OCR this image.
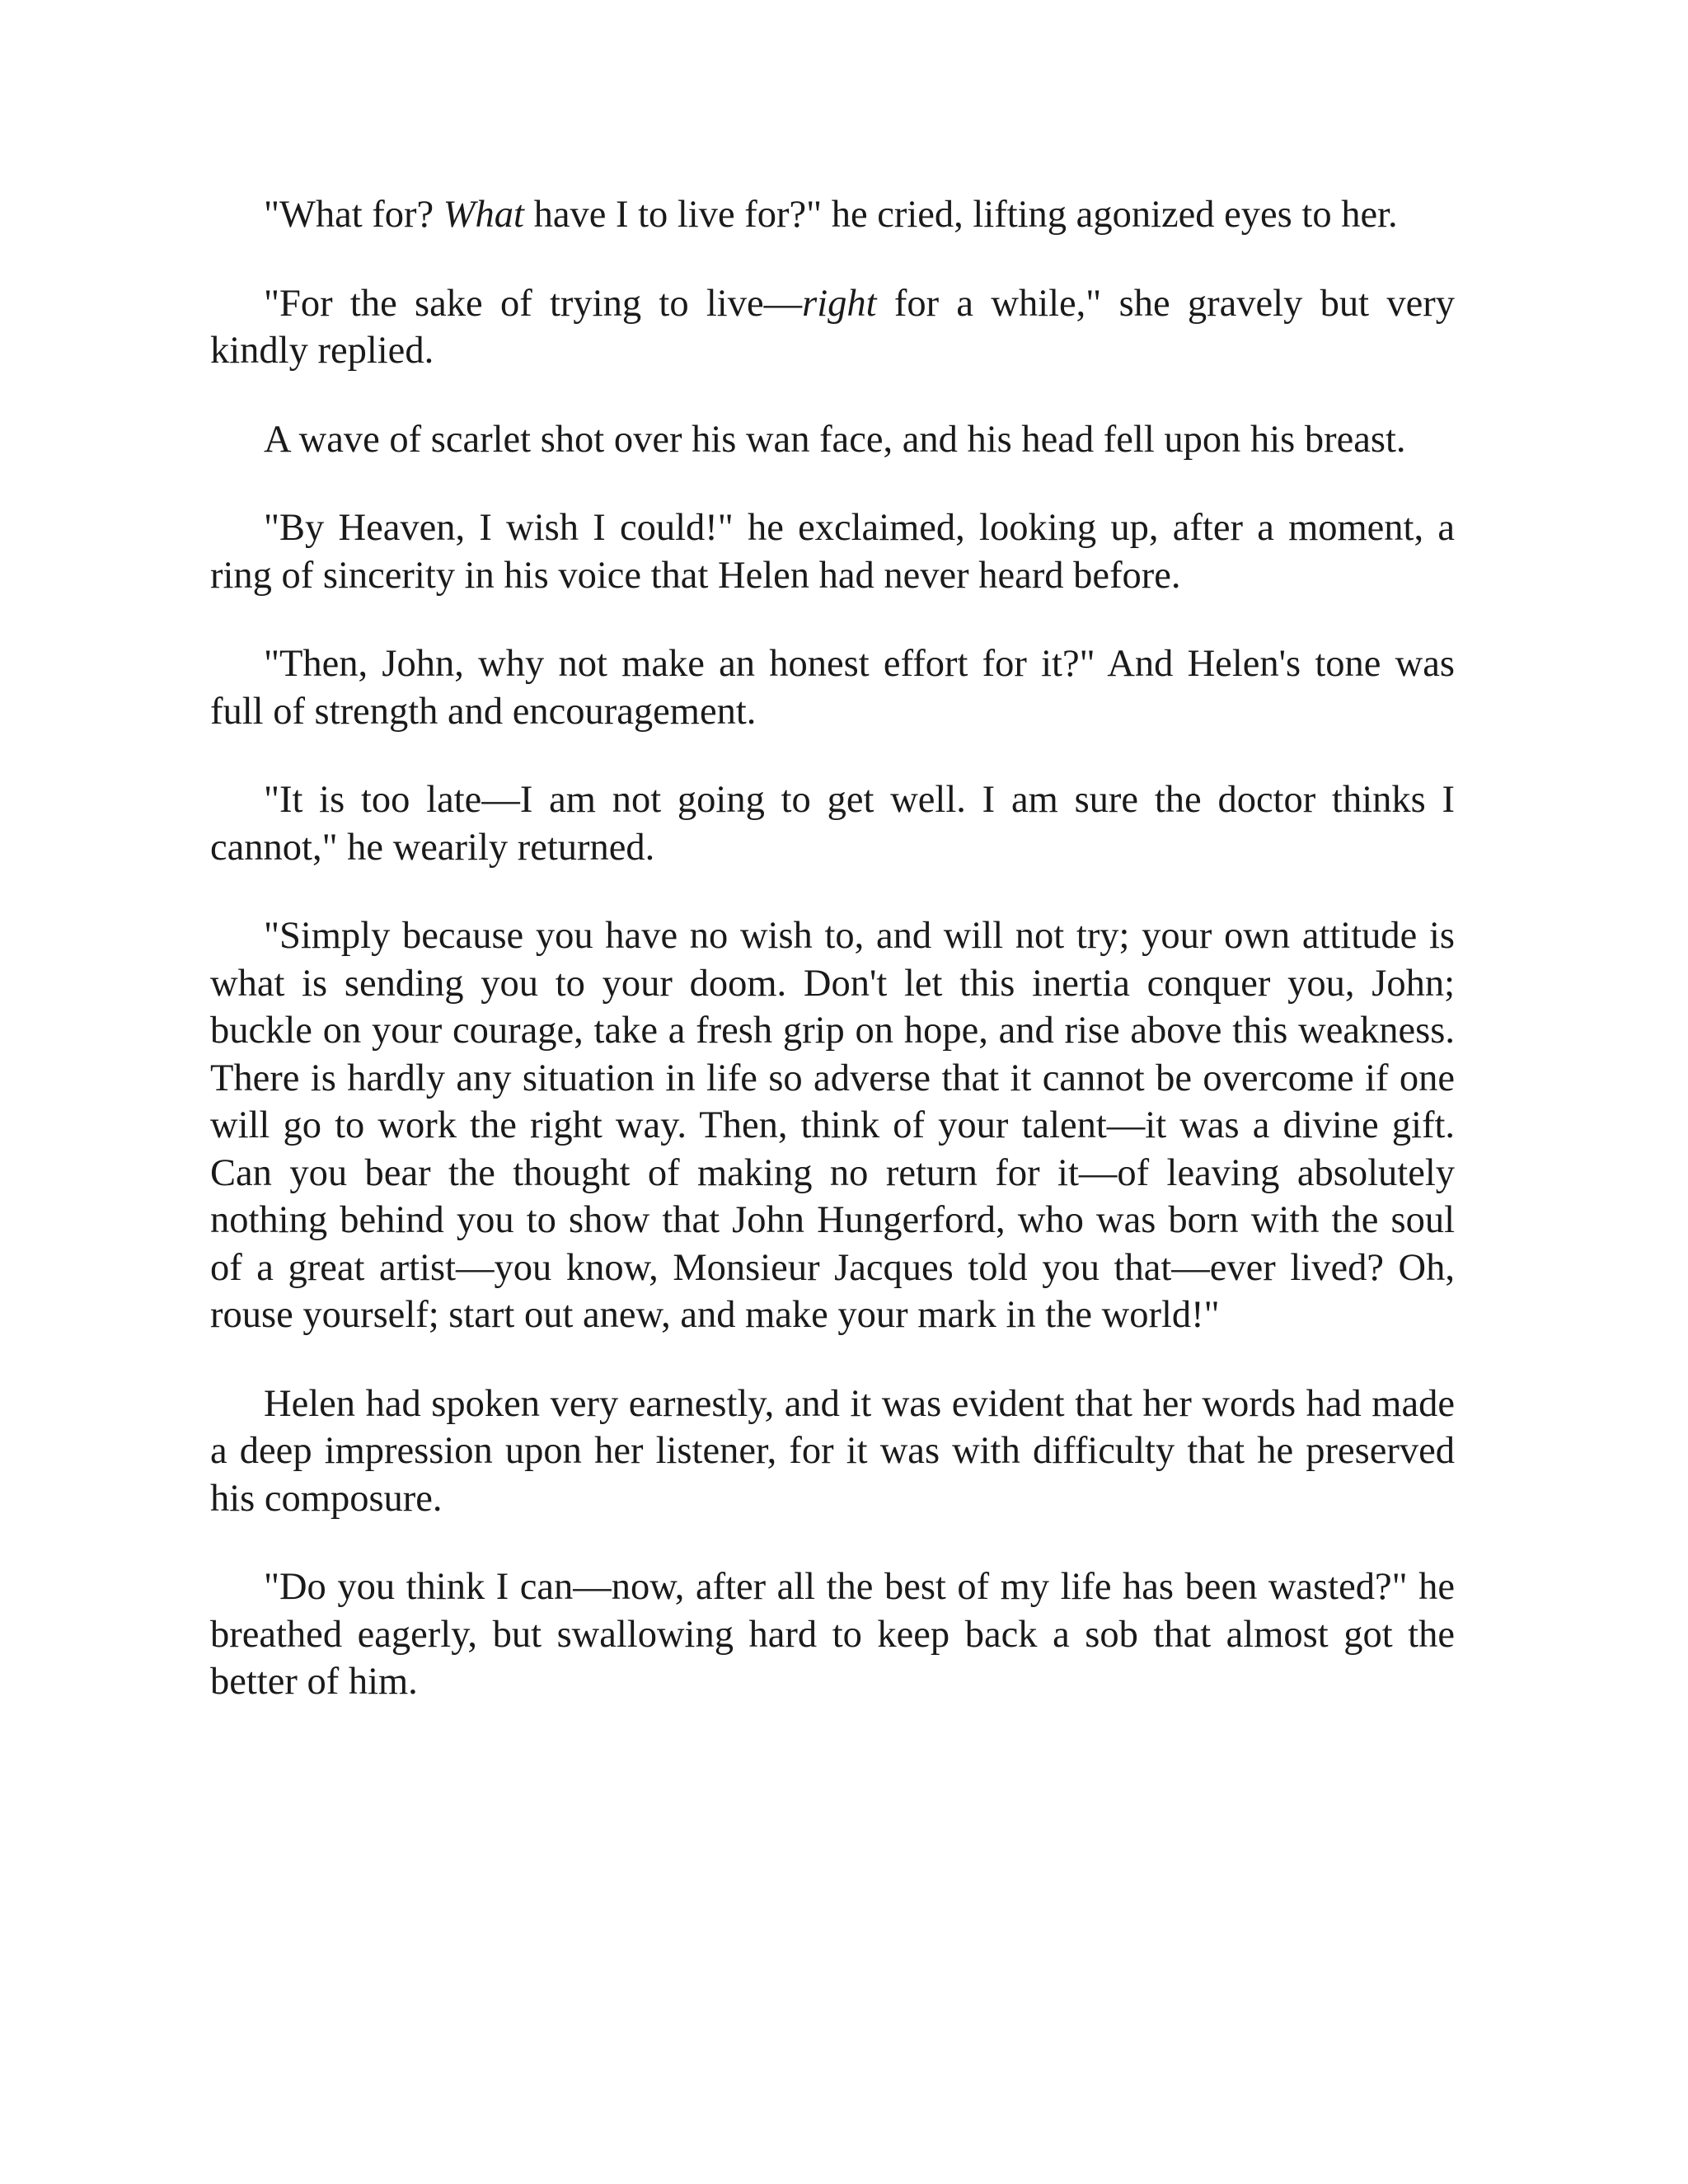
"What for? What have I to live for?" he cried, lifting agonized eyes to her.

"For the sake of trying to live—right for a while," she gravely but very kindly replied.

A wave of scarlet shot over his wan face, and his head fell upon his breast.

"By Heaven, I wish I could!" he exclaimed, looking up, after a moment, a ring of sincerity in his voice that Helen had never heard before.

"Then, John, why not make an honest effort for it?" And Helen's tone was full of strength and encouragement.

"It is too late—I am not going to get well. I am sure the doctor thinks I cannot," he wearily returned.

"Simply because you have no wish to, and will not try; your own attitude is what is sending you to your doom. Don't let this inertia conquer you, John; buckle on your courage, take a fresh grip on hope, and rise above this weakness. There is hardly any situation in life so adverse that it cannot be overcome if one will go to work the right way. Then, think of your talent—it was a divine gift. Can you bear the thought of making no return for it—of leaving absolutely nothing behind you to show that John Hungerford, who was born with the soul of a great artist—you know, Monsieur Jacques told you that—ever lived? Oh, rouse yourself; start out anew, and make your mark in the world!"

Helen had spoken very earnestly, and it was evident that her words had made a deep impression upon her listener, for it was with difficulty that he preserved his composure.

"Do you think I can—now, after all the best of my life has been wasted?" he breathed eagerly, but swallowing hard to keep back a sob that almost got the better of him.
